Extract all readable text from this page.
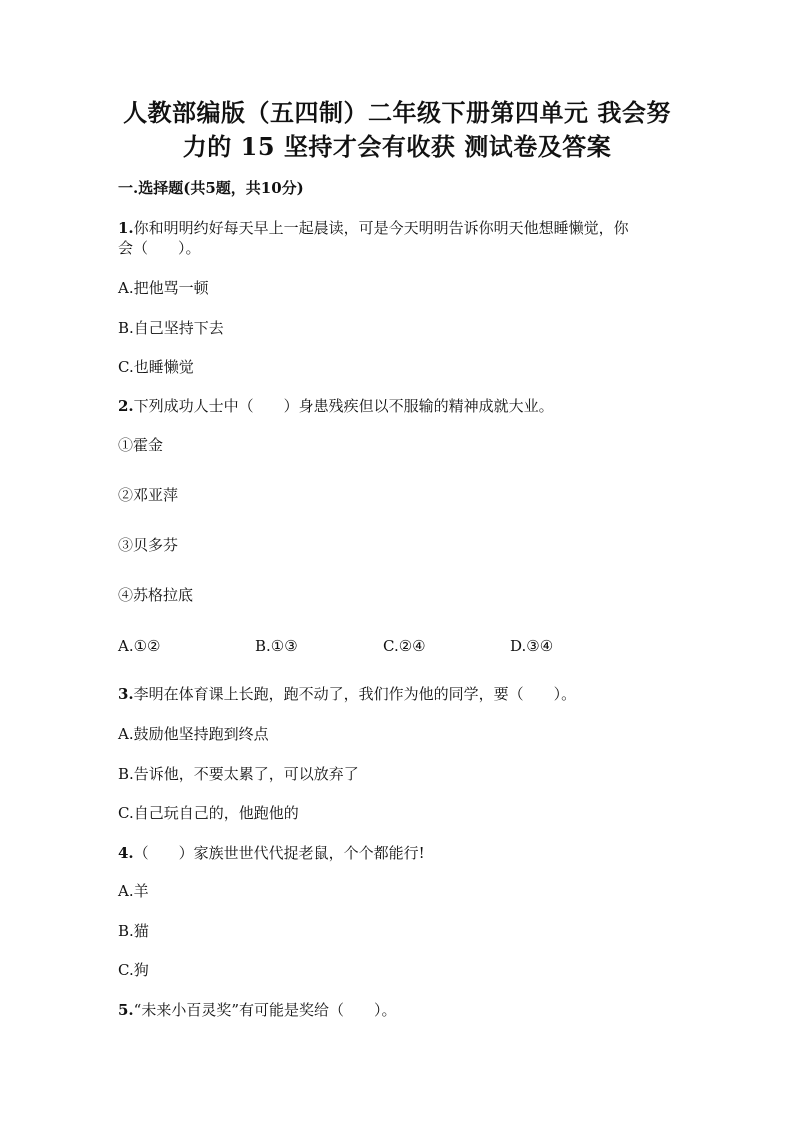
人教部编版（五四制）二年级下册第四单元 我会努
力的 15 坚持才会有收获 测试卷及答案
一.选择题(共5题，共10分)
1.你和明明约好每天早上一起晨读，可是今天明明告诉你明天他想睡懒觉，你
会（　　）。
A.把他骂一顿
B.自己坚持下去
C.也睡懒觉
2.下列成功人士中（　　）身患残疾但以不服输的精神成就大业。
①霍金
②邓亚萍
③贝多芬
④苏格拉底
A.①②	B.①③	C.②④	D.③④
3.李明在体育课上长跑，跑不动了，我们作为他的同学，要（　　）。
A.鼓励他坚持跑到终点
B.告诉他，不要太累了，可以放弃了
C.自己玩自己的，他跑他的
4.（　　）家族世世代代捉老鼠，个个都能行!
A.羊
B.猫
C.狗
5.“未来小百灵奖”有可能是奖给（　　）。
